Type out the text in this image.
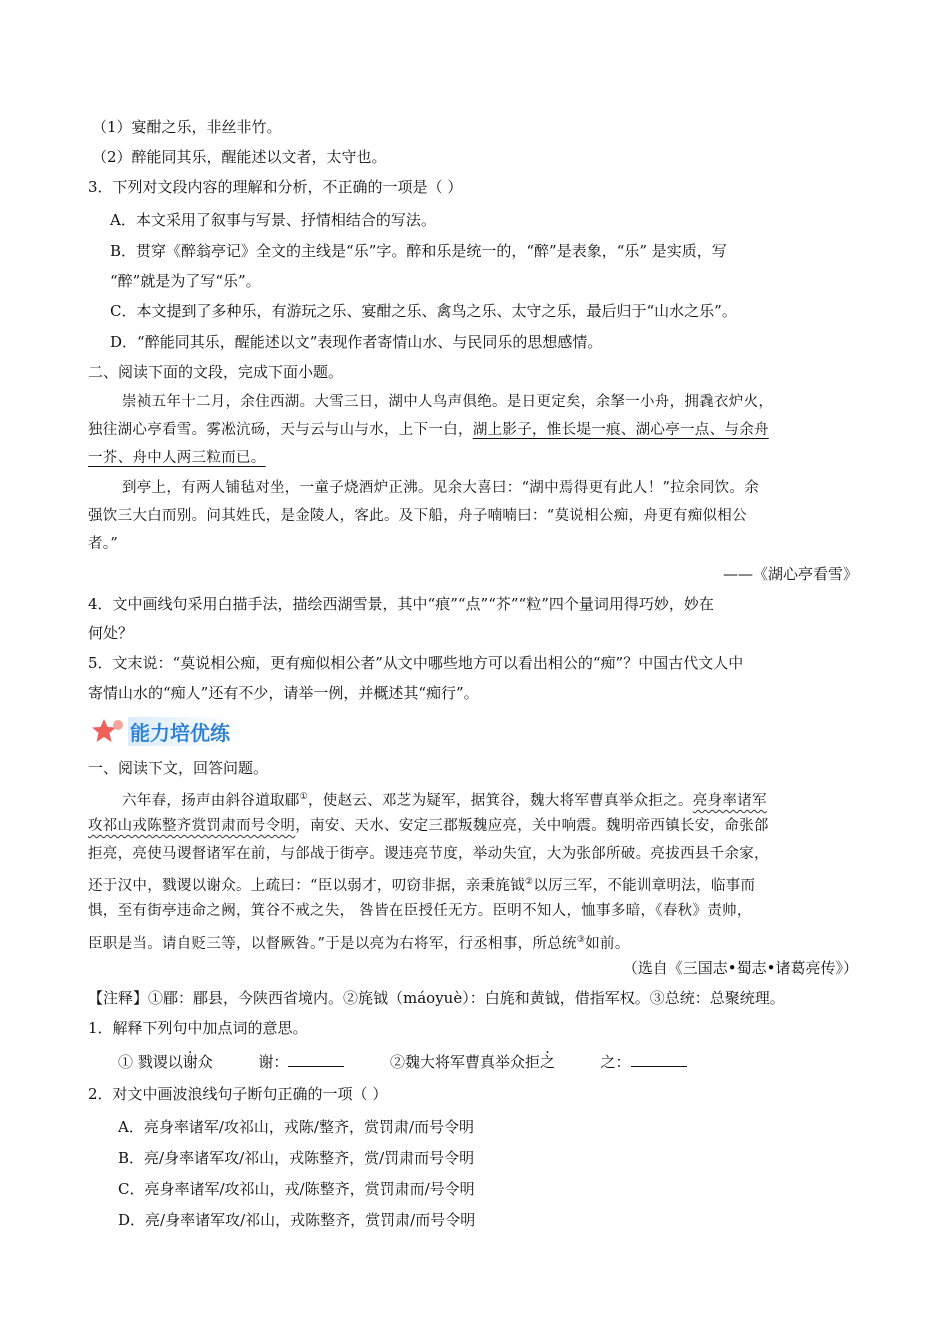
（1）宴酣之乐，非丝非竹。
（2）醉能同其乐，醒能述以文者，太守也。
3．下列对文段内容的理解和分析，不正确的一项是（ ）
A．本文采用了叙事与写景、抒情相结合的写法。
B．贯穿《醉翁亭记》全文的主线是“乐”字。醉和乐是统一的，“醉”是表象，“乐” 是实质，写
“醉”就是为了写“乐”。
C．本文提到了多种乐，有游玩之乐、宴酣之乐、禽鸟之乐、太守之乐，最后归于“山水之乐”。
D．“醉能同其乐，醒能述以文”表现作者寄情山水、与民同乐的思想感情。
二、阅读下面的文段，完成下面小题。
崇祯五年十二月，余住西湖。大雪三日，湖中人鸟声俱绝。是日更定矣，余拏一小舟，拥毳衣炉火，
独往湖心亭看雪。雾凇沆砀，天与云与山与水，上下一白，湖上影子，惟长堤一痕、湖心亭一点、与余舟
一芥、舟中人两三粒而已。
到亭上，有两人铺毡对坐，一童子烧酒炉正沸。见余大喜曰：“湖中焉得更有此人！”拉余同饮。余
强饮三大白而别。问其姓氏，是金陵人，客此。及下船，舟子喃喃曰：“莫说相公痴，舟更有痴似相公
者。”
——《湖心亭看雪》
4．文中画线句采用白描手法，描绘西湖雪景，其中“痕”“点”“芥”“粒”四个量词用得巧妙，妙在
何处？
5．文末说：“莫说相公痴，更有痴似相公者”从文中哪些地方可以看出相公的“痴”？中国古代文人中
寄情山水的“痴人”还有不少，请举一例，并概述其“痴行”。
能力培优练
一、阅读下文，回答问题。
六年春，扬声由斜谷道取郿①，使赵云、邓芝为疑军，据箕谷，魏大将军曹真举众拒之。亮身率诸军
攻祁山戎陈整齐赏罚肃而号令明，南安、天水、安定三郡叛魏应亮，关中响震。魏明帝西镇长安，命张郃
拒亮，亮使马谡督诸军在前，与郃战于街亭。谡违亮节度，举动失宜，大为张郃所破。亮拔西县千余家，
还于汉中，戮谡以谢众。上疏曰：“臣以弱才，叨窃非据，亲秉旄钺②以厉三军，不能训章明法，临事而
惧，至有街亭违命之阙，箕谷不戒之失， 咎皆在臣授任无方。臣明不知人，恤事多暗，《春秋》责帅，
臣职是当。请自贬三等，以督厥咎。”于是以亮为右将军，行丞相事，所总统③如前。
（选自《三国志•蜀志•诸葛亮传》）
【注释】①郿：郿县，今陕西省境内。②旄钺（máoyuè）：白旄和黄钺，借指军权。③总统：总聚统理。
1．解释下列句中加点词的意思。
① 戮谡以谢众	谢：	②魏大将军曹真举众拒之	之：
2．对文中画波浪线句子断句正确的一项（ ）
A．亮身率诸军/攻祁山，戎陈/整齐，赏罚肃/而号令明
B．亮/身率诸军攻/祁山，戎陈整齐，赏/罚肃而号令明
C．亮身率诸军/攻祁山，戎/陈整齐，赏罚肃而/号令明
D．亮/身率诸军攻/祁山，戎陈整齐，赏罚肃/而号令明
